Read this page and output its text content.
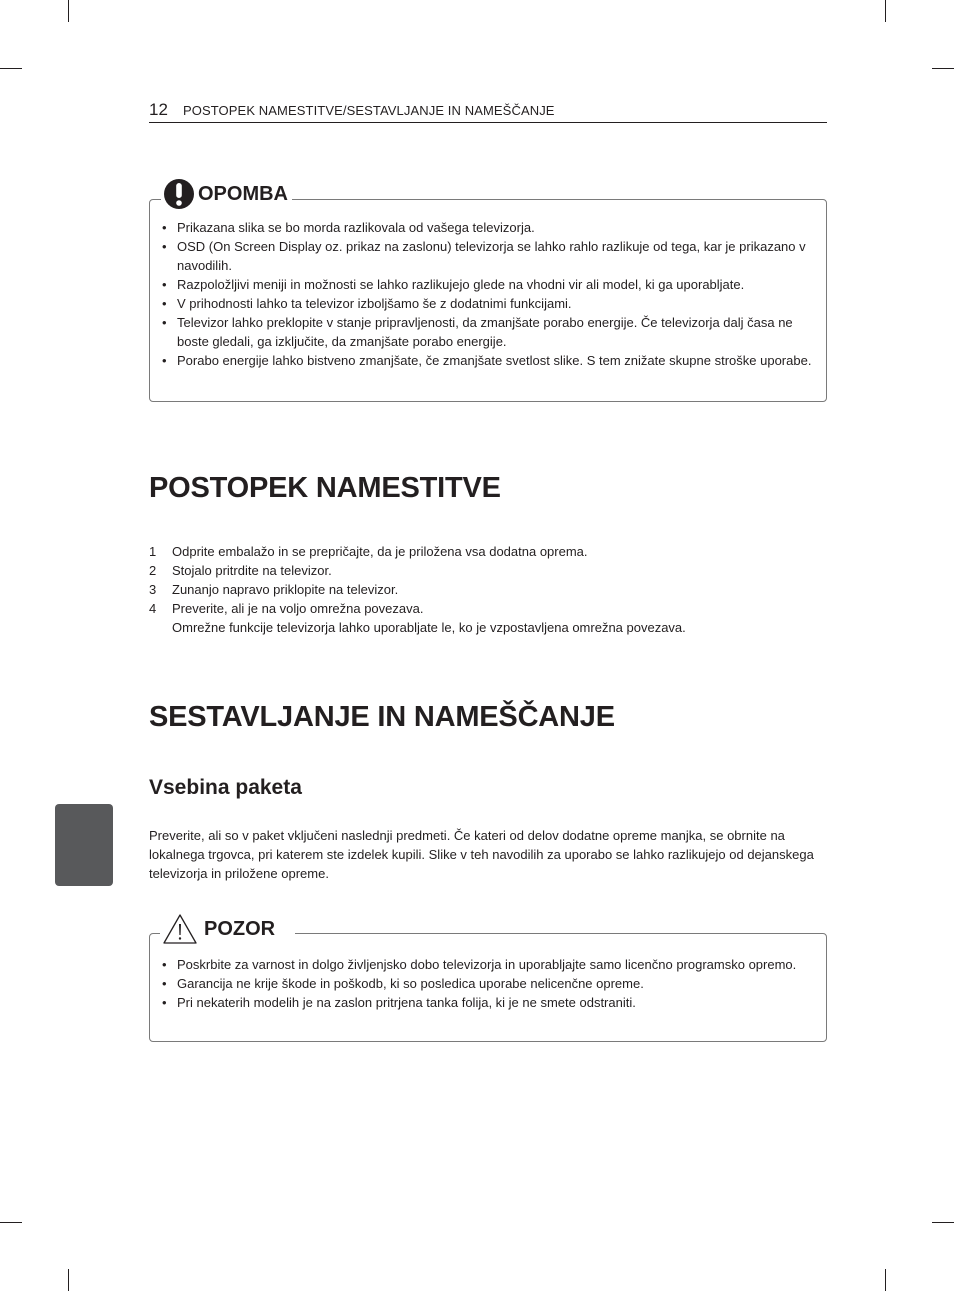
12 POSTOPEK NAMESTITVE/SESTAVLJANJE IN NAMEŠČANJE
• Prikazana slika se bo morda razlikovala od vašega televizorja.
• OSD (On Screen Display oz. prikaz na zaslonu) televizorja se lahko rahlo razlikuje od tega, kar je prikazano v navodilih.
• Razpoložljivi meniji in možnosti se lahko razlikujejo glede na vhodni vir ali model, ki ga uporabljate.
• V prihodnosti lahko ta televizor izboljšamo še z dodatnimi funkcijami.
• Televizor lahko preklopite v stanje pripravljenosti, da zmanjšate porabo energije. Če televizorja dalj časa ne boste gledali, ga izključite, da zmanjšate porabo energije.
• Porabo energije lahko bistveno zmanjšate, če zmanjšate svetlost slike. S tem znižate skupne stroške uporabe.
OPOMBA
POSTOPEK NAMESTITVE
1 Odprite embalažo in se prepričajte, da je priložena vsa dodatna oprema.
2 Stojalo pritrdite na televizor.
3 Zunanjo napravo priklopite na televizor.
4 Preverite, ali je na voljo omrežna povezava.
Omrežne funkcije televizorja lahko uporabljate le, ko je vzpostavljena omrežna povezava.
SESTAVLJANJE IN NAMEŠČANJE
Vsebina paketa
Preverite, ali so v paket vključeni naslednji predmeti. Če kateri od delov dodatne opreme manjka, se obrnite na lokalnega trgovca, pri katerem ste izdelek kupili. Slike v teh navodilih za uporabo se lahko razlikujejo od dejanskega televizorja in priložene opreme.
• Poskrbite za varnost in dolgo življenjsko dobo televizorja in uporabljajte samo licenčno programsko opremo.
• Garancija ne krije škode in poškodb, ki so posledica uporabe nelicenčne opreme.
• Pri nekaterih modelih je na zaslon pritrjena tanka folija, ki je ne smete odstraniti.
POZOR
SLOVENŠČINA
